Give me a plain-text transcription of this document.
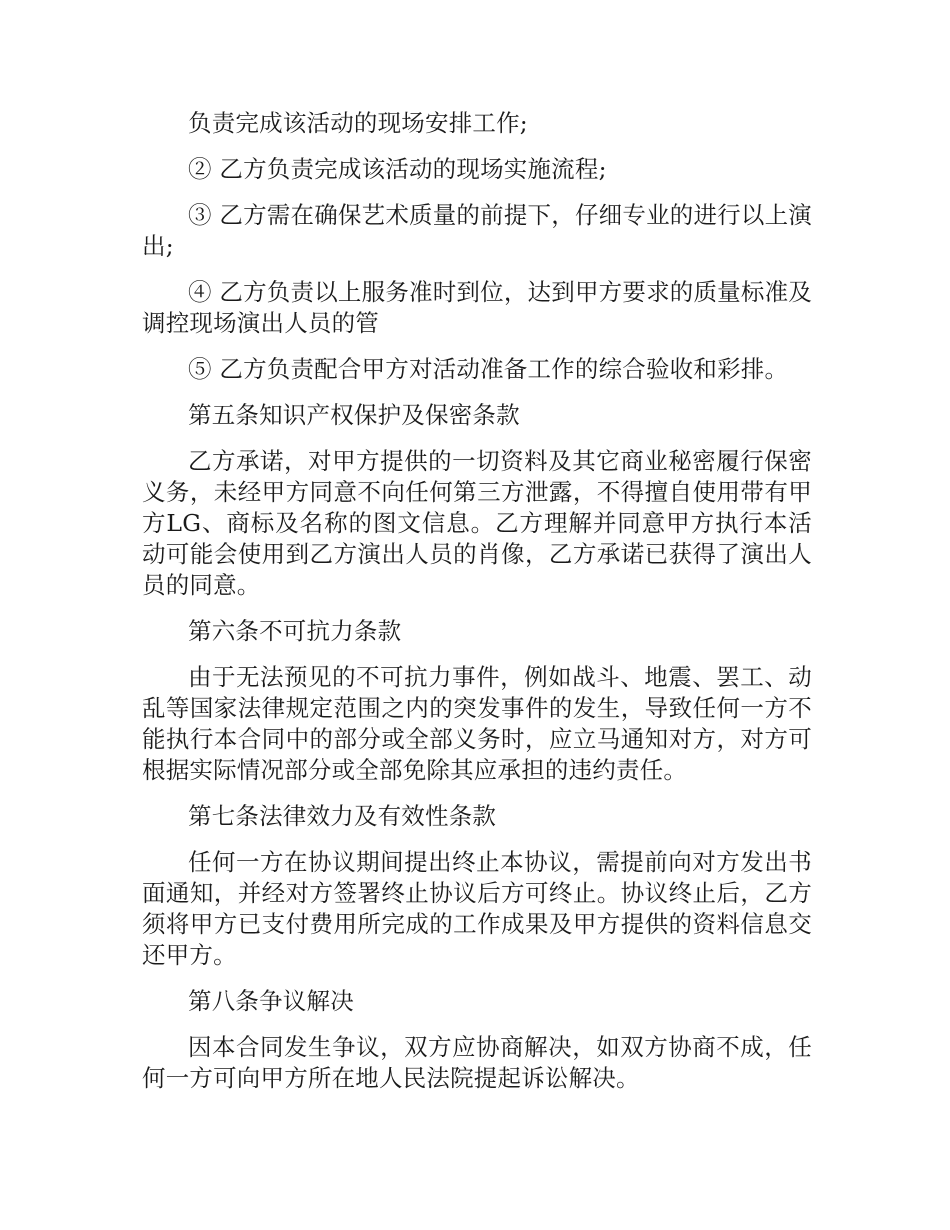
负责完成该活动的现场安排工作;

② 乙方负责完成该活动的现场实施流程;

③ 乙方需在确保艺术质量的前提下，仔细专业的进行以上演出;

④ 乙方负责以上服务准时到位，达到甲方要求的质量标准及调控现场演出人员的管

⑤ 乙方负责配合甲方对活动准备工作的综合验收和彩排。

第五条知识产权保护及保密条款

乙方承诺，对甲方提供的一切资料及其它商业秘密履行保密义务，未经甲方同意不向任何第三方泄露，不得擅自使用带有甲方LG、商标及名称的图文信息。乙方理解并同意甲方执行本活动可能会使用到乙方演出人员的肖像，乙方承诺已获得了演出人员的同意。

第六条不可抗力条款

由于无法预见的不可抗力事件，例如战斗、地震、罢工、动乱等国家法律规定范围之内的突发事件的发生，导致任何一方不能执行本合同中的部分或全部义务时，应立马通知对方，对方可根据实际情况部分或全部免除其应承担的违约责任。

第七条法律效力及有效性条款

任何一方在协议期间提出终止本协议，需提前向对方发出书面通知，并经对方签署终止协议后方可终止。协议终止后，乙方须将甲方已支付费用所完成的工作成果及甲方提供的资料信息交还甲方。

第八条争议解决

因本合同发生争议，双方应协商解决，如双方协商不成，任何一方可向甲方所在地人民法院提起诉讼解决。
